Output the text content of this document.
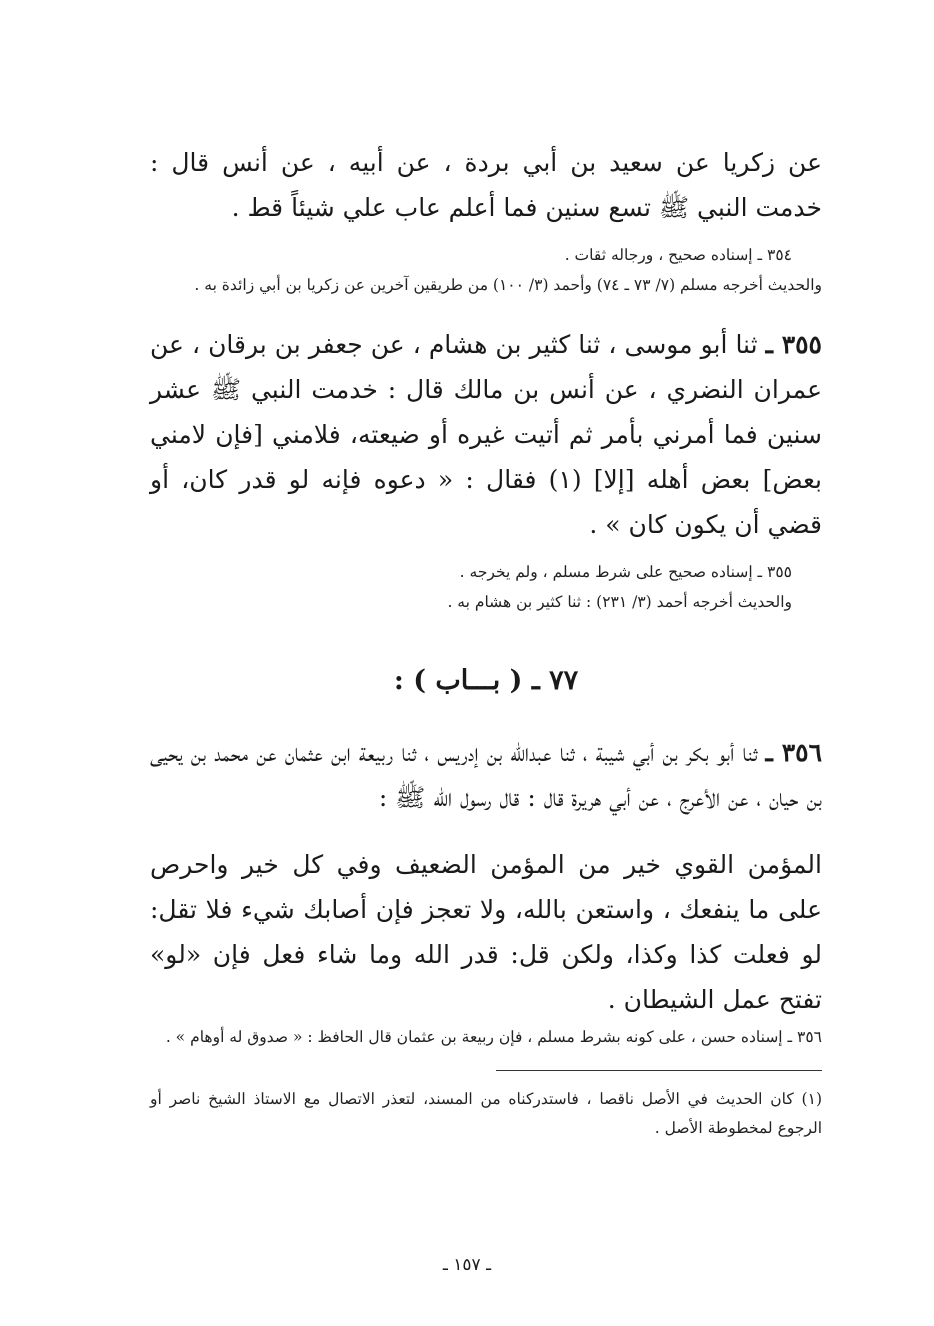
عن زكريا عن سعيد بن أبي بردة ، عن أبيه ، عن أنس قال : خدمت النبي ﷺ تسع سنين فما أعلم عاب علي شيئاً قط .

٣٥٤ ـ إسناده صحيح ، ورجاله ثقات .

والحديث أخرجه مسلم (٧/ ٧٣ ـ ٧٤) وأحمد (٣/ ١٠٠) من طريقين آخرين عن زكريا بن أبي زائدة به .

٣٥٥ ـ ثنا أبو موسى ، ثنا كثير بن هشام ، عن جعفر بن برقان ، عن عمران النضري ، عن أنس بن مالك قال : خدمت النبي ﷺ عشر سنين فما أمرني بأمر ثم أتيت غيره أو ضيعته، فلامني [فإن لامني بعض] بعض أهله [إلا] (١) فقال : « دعوه فإنه لو قدر كان، أو قضي أن يكون كان » .

٣٥٥ ـ إسناده صحيح على شرط مسلم ، ولم يخرجه .

والحديث أخرجه أحمد (٣/ ٢٣١) : ثنا كثير بن هشام به .

٧٧ ـ ( بـــاب ) :

٣٥٦ ـ ثنا أبو بكر بن أبي شيبة ، ثنا عبدالله بن إدريس ، ثنا ربيعة ابن عثمان عن محمد بن يحيى بن حيان ، عن الأعرج ، عن أبي هريرة قال : قال رسول الله ﷺ :

المؤمن القوي خير من المؤمن الضعيف وفي كل خير واحرص على ما ينفعك ، واستعن بالله، ولا تعجز فإن أصابك شيء فلا تقل: لو فعلت كذا وكذا، ولكن قل: قدر الله وما شاء فعل فإن «لو» تفتح عمل الشيطان .

٣٥٦ ـ إسناده حسن ، على كونه بشرط مسلم ، فإن ربيعة بن عثمان قال الحافظ : « صدوق له أوهام » .

(١) كان الحديث في الأصل ناقصا ، فاستدركناه من المسند، لتعذر الاتصال مع الاستاذ الشيخ ناصر أو الرجوع لمخطوطة الأصل .

ـ ١٥٧ ـ
